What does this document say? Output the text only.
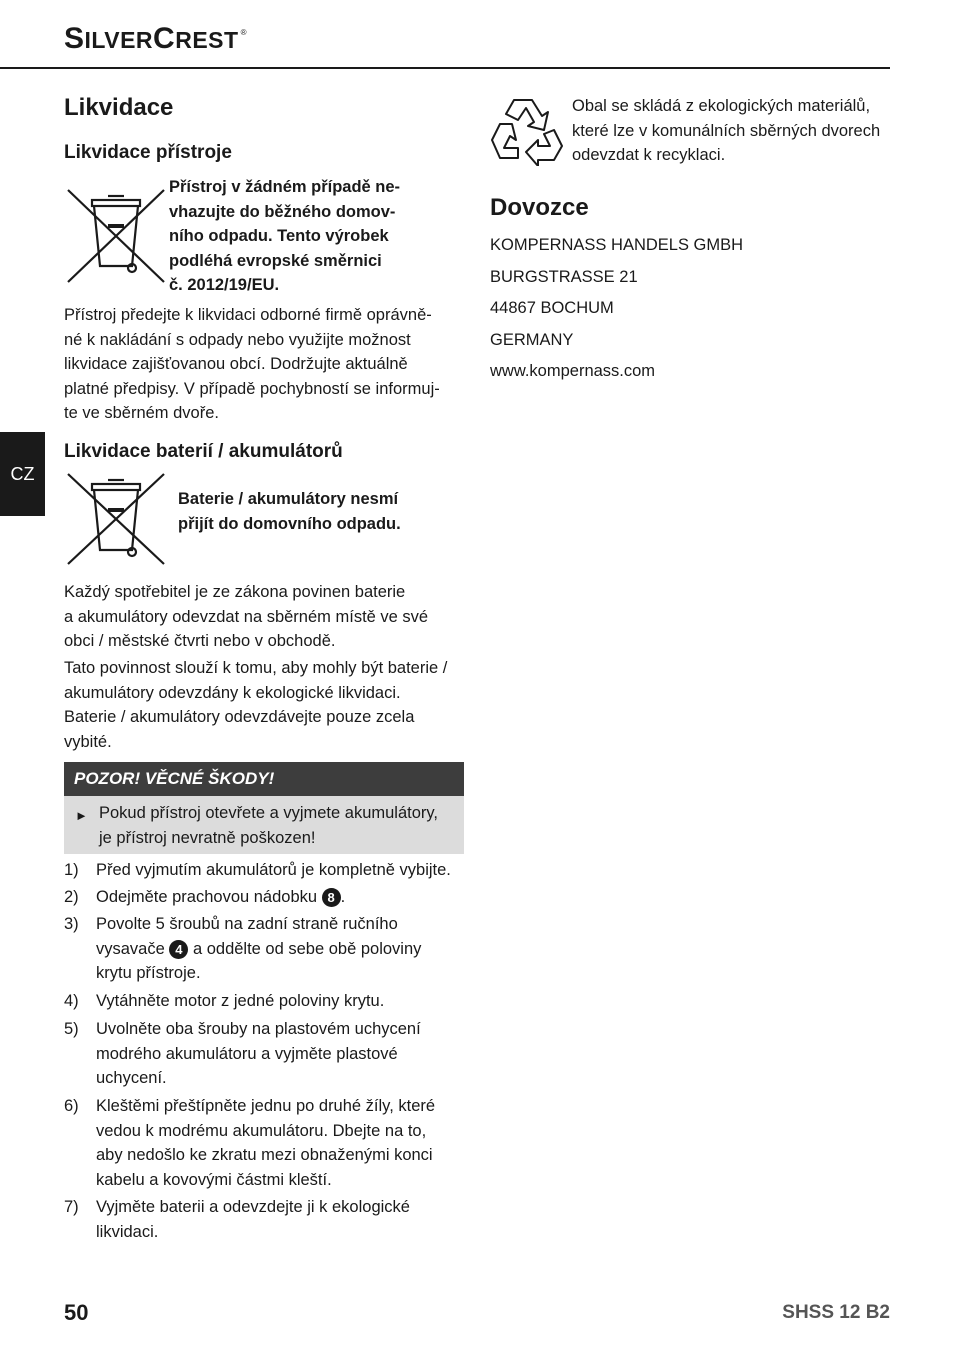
SILVERCREST ®
CZ
Likvidace
Likvidace přístroje
Přístroj v žádném případě ne-
vhazujte do běžného domov-
ního odpadu. Tento výrobek
podléhá evropské směrnici
č. 2012/19/EU.
Přístroj předejte k likvidaci odborné firmě oprávně-
né k nakládání s odpady nebo využijte možnost
likvidace zajišťovanou obcí. Dodržujte aktuálně
platné předpisy. V případě pochybností se informuj-
te ve sběrném dvoře.
Likvidace baterií / akumulátorů
Baterie / akumulátory nesmí
přijít do domovního odpadu.
Každý spotřebitel je ze zákona povinen baterie
a akumulátory odevzdat na sběrném místě ve své
obci / městské čtvrti nebo v obchodě.
Tato povinnost slouží k tomu, aby mohly být baterie /
akumulátory odevzdány k ekologické likvidaci.
Baterie / akumulátory odevzdávejte pouze zcela
vybité.
POZOR! VĚCNÉ ŠKODY!
► Pokud přístroj otevřete a vyjmete akumulátory,
je přístroj nevratně poškozen!
1) Před vyjmutím akumulátorů je kompletně vybijte.
2) Odejměte prachovou nádobku 8 .
3) Povolte 5 šroubů na zadní straně ručního
vysavače 4 a oddělte od sebe obě poloviny
krytu přístroje.
4) Vytáhněte motor z jedné poloviny krytu.
5) Uvolněte oba šrouby na plastovém uchycení
modrého akumulátoru a vyjměte plastové
uchycení.
6) Kleštěmi přeštípněte jednu po druhé žíly, které
vedou k modrému akumulátoru. Dbejte na to,
aby nedošlo ke zkratu mezi obnaženými konci
kabelu a kovovými částmi kleští.
7) Vyjměte baterii a odevzdejte ji k ekologické
likvidaci.
Obal se skládá z ekologických materiálů,
které lze v komunálních sběrných dvorech
odevzdat k recyklaci.
Dovozce
KOMPERNASS HANDELS GMBH
BURGSTRASSE 21
44867 BOCHUM
GERMANY
www.kompernass.com
50	SHSS 12 B2
